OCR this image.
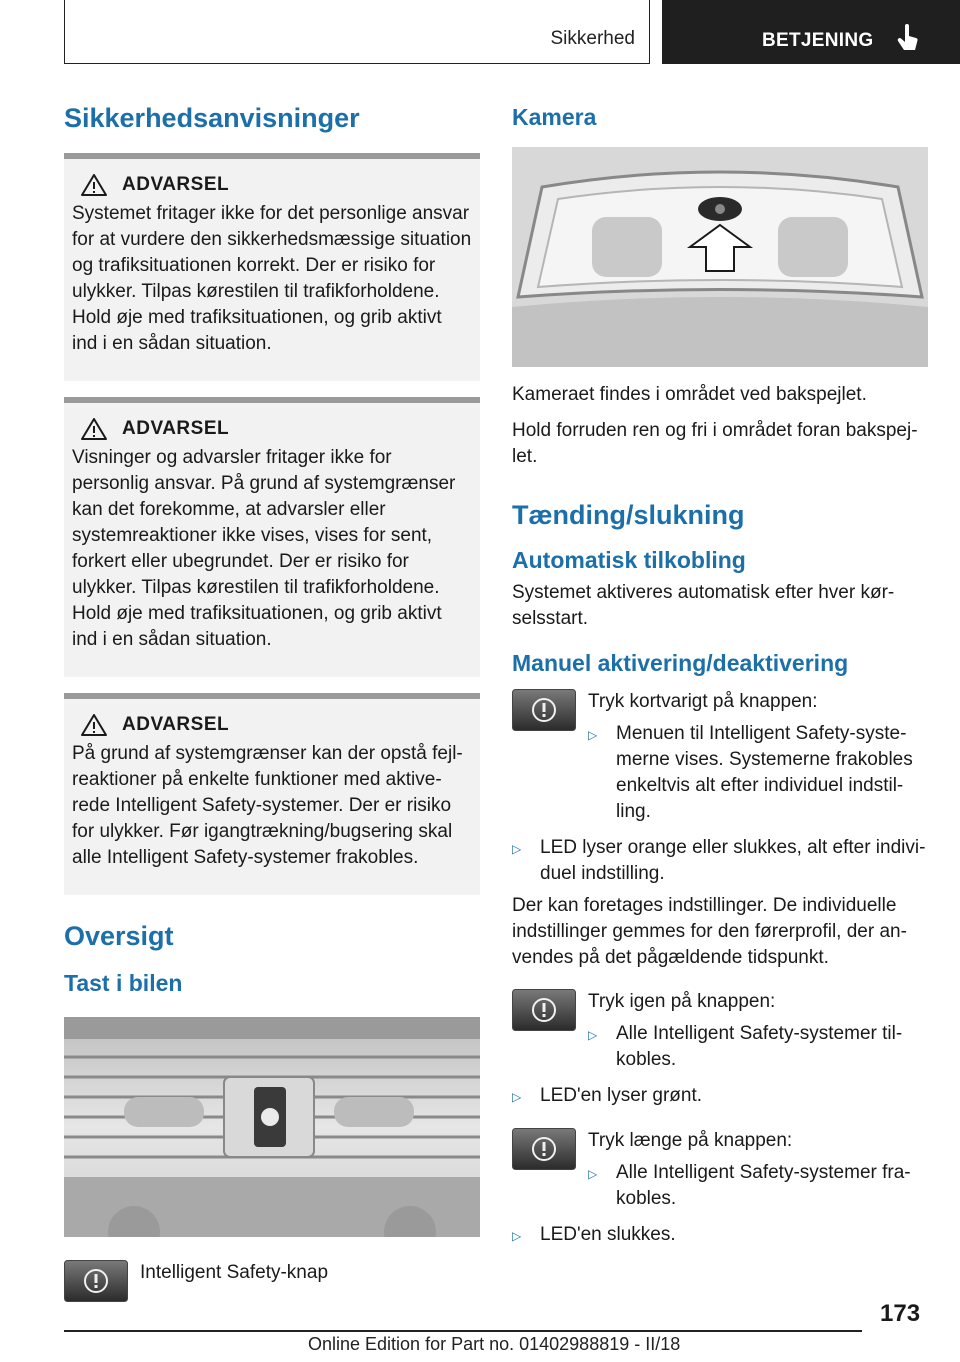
Sikkerhed	BETJENING
Sikkerhedsanvisninger
ADVARSEL
Systemet fritager ikke for det personlige ansvar for at vurdere den sikkerhedsmæssige situation og trafiksituationen korrekt. Der er risiko for ulykker. Tilpas kørestilen til trafikforholdene. Hold øje med trafiksituationen, og grib aktivt ind i en sådan situation.
ADVARSEL
Visninger og advarsler fritager ikke for personlig ansvar. På grund af systemgrænser kan det forekomme, at advarsler eller systemreaktioner ikke vises, vises for sent, forkert eller ubegrundet. Der er risiko for ulykker. Tilpas kørestilen til trafikforholdene. Hold øje med trafiksituationen, og grib aktivt ind i en sådan situation.
ADVARSEL
På grund af systemgrænser kan der opstå fejlreaktioner på enkelte funktioner med aktiverede Intelligent Safety-systemer. Der er risiko for ulykker. Før igangtrækning/bugsering skal alle Intelligent Safety-systemer frakobles.
Oversigt
Tast i bilen
Intelligent Safety-knap
Kamera
Kameraet findes i området ved bakspejlet.
Hold forruden ren og fri i området foran bakspejlet.
Tænding/slukning
Automatisk tilkobling
Systemet aktiveres automatisk efter hver kørselsstart.
Manuel aktivering/deaktivering
Tryk kortvarigt på knappen:
▷ Menuen til Intelligent Safety-systemerne vises. Systemerne frakobles enkeltvis alt efter individuel indstilling.
▷ LED lyser orange eller slukkes, alt efter individuel indstilling.
Der kan foretages indstillinger. De individuelle indstillinger gemmes for den førerprofil, der anvendes på det pågældende tidspunkt.
Tryk igen på knappen:
▷ Alle Intelligent Safety-systemer tilkobles.
▷ LED'en lyser grønt.
Tryk længe på knappen:
▷ Alle Intelligent Safety-systemer frakobles.
▷ LED'en slukkes.
173
Online Edition for Part no. 01402988819 - II/18
